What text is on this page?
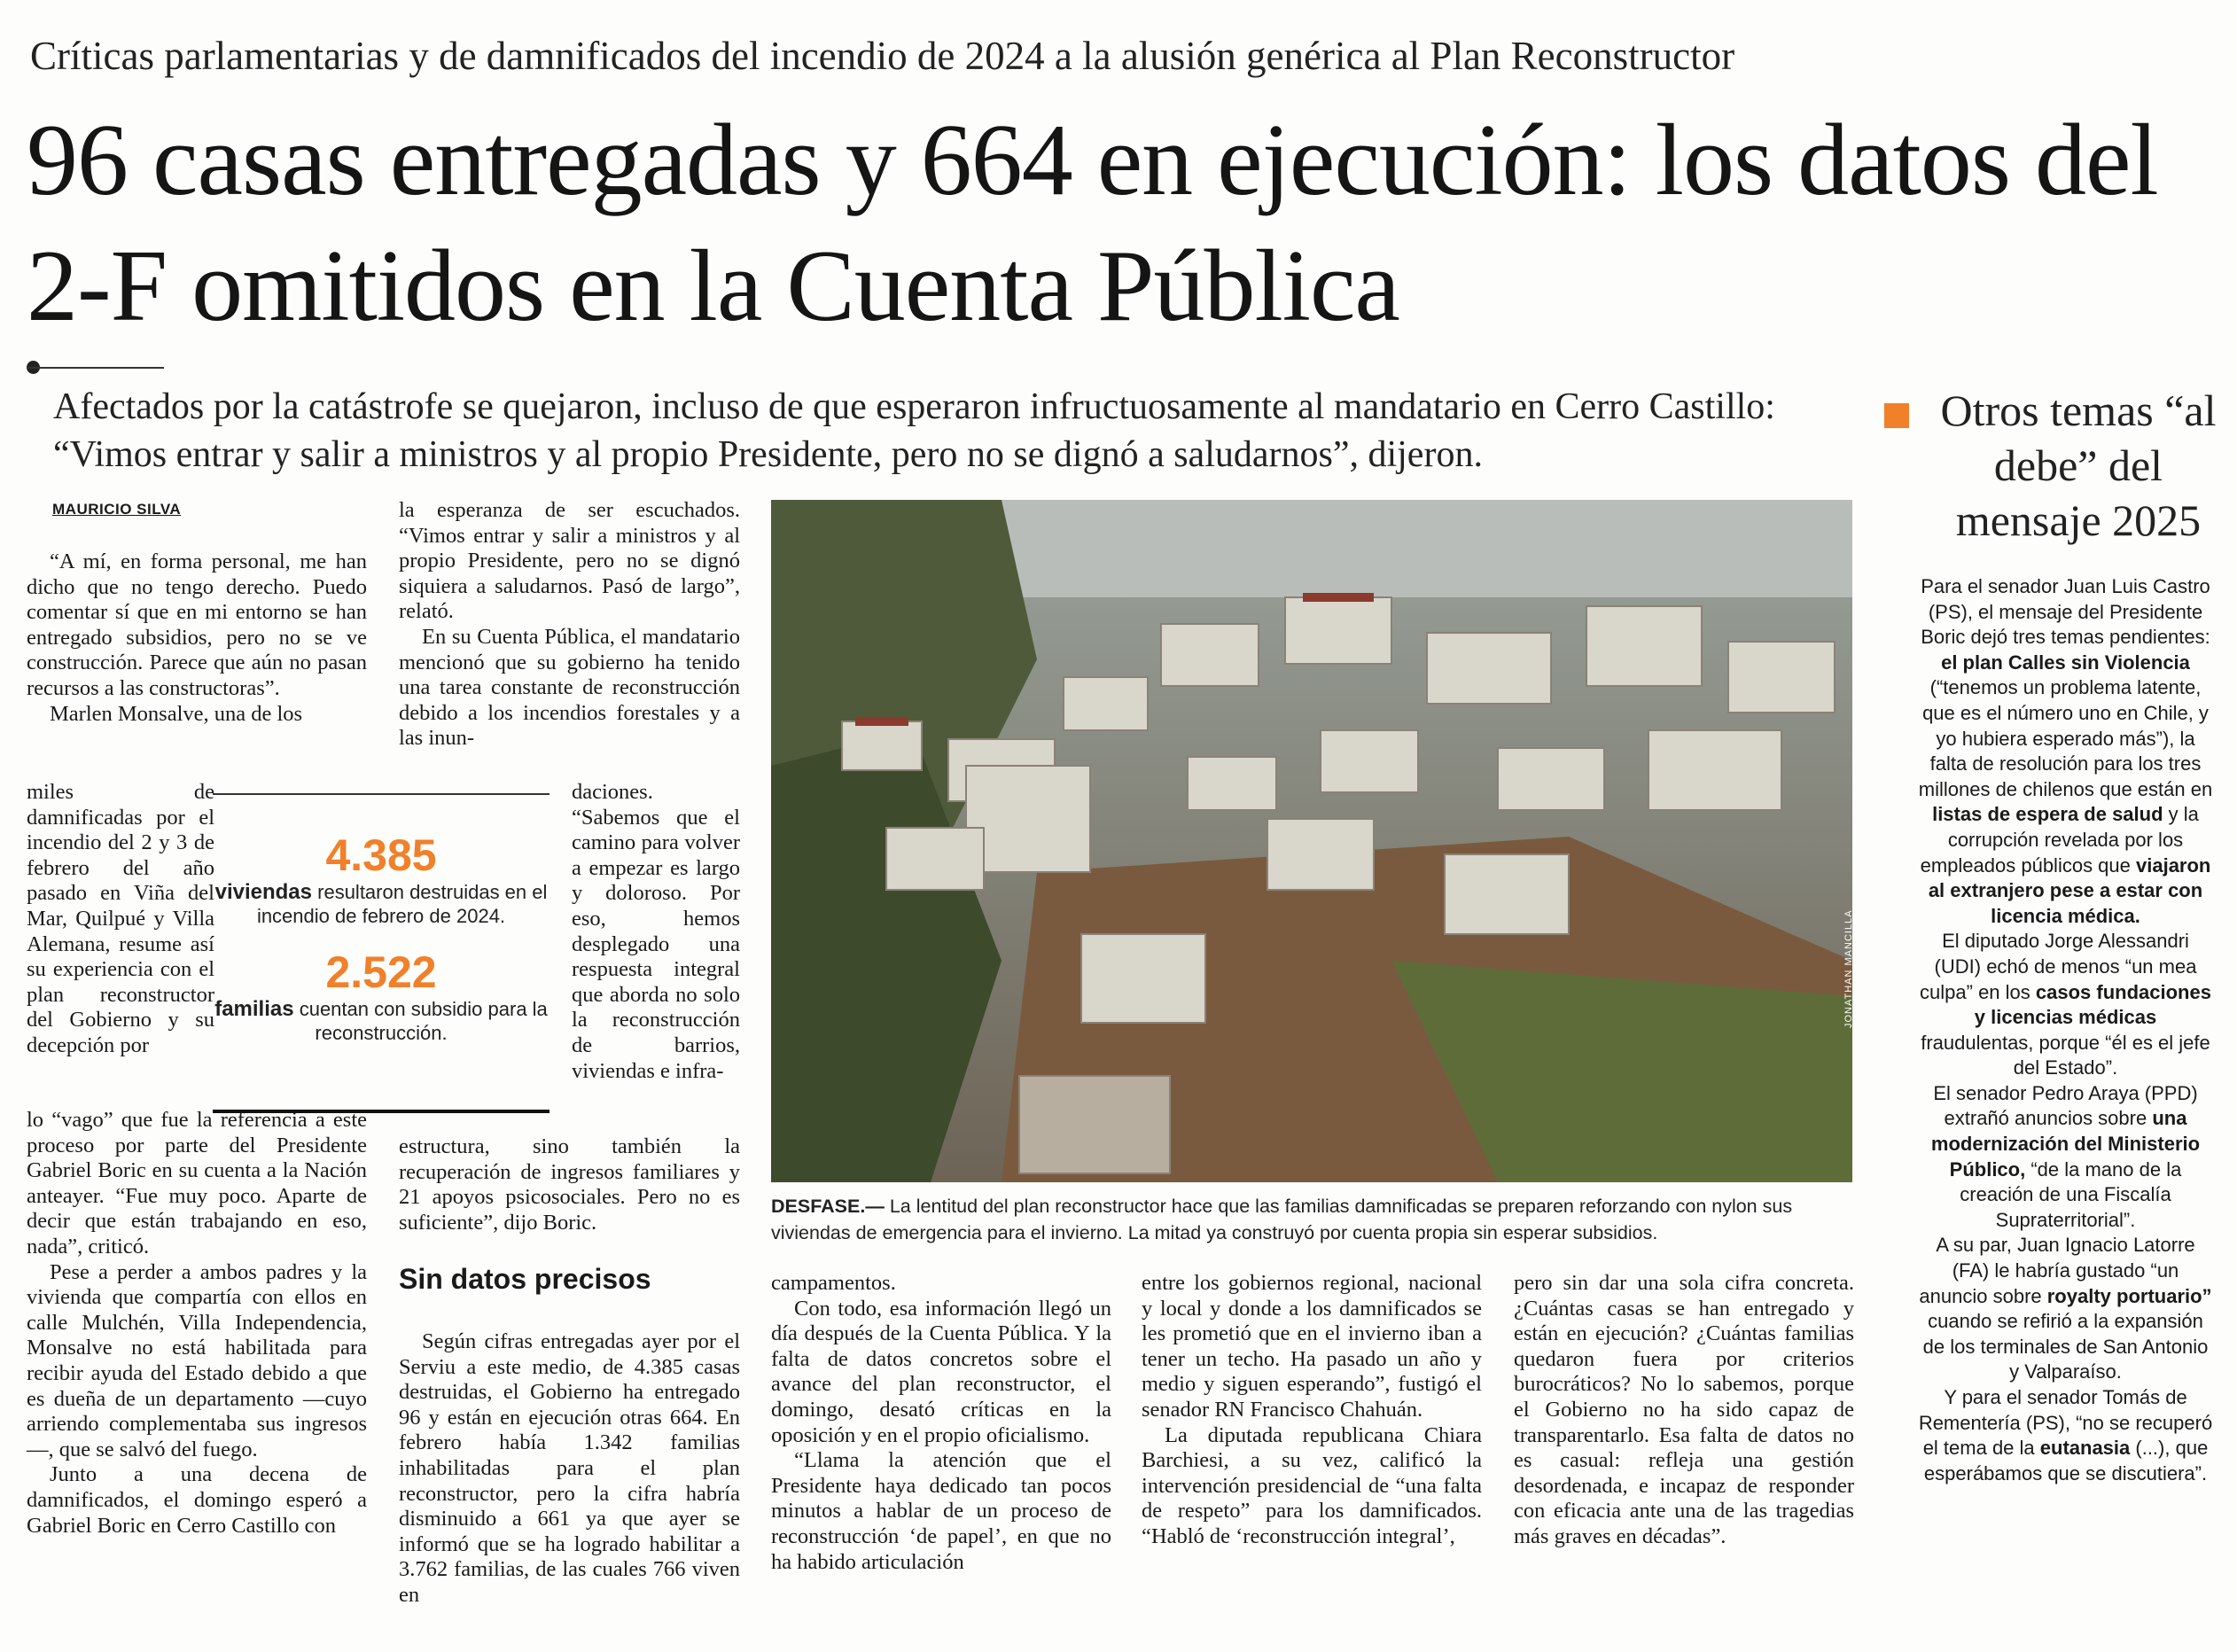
Críticas parlamentarias y de damnificados del incendio de 2024 a la alusión genérica al Plan Reconstructor
96 casas entregadas y 664 en ejecución: los datos del 2-F omitidos en la Cuenta Pública
Afectados por la catástrofe se quejaron, incluso de que esperaron infructuosamente al mandatario en Cerro Castillo: “Vimos entrar y salir a ministros y al propio Presidente, pero no se dignó a saludarnos”, dijeron.
MAURICIO SILVA

“A mí, en forma personal, me han dicho que no tengo derecho. Puedo comentar sí que en mi entorno se han entregado subsidios, pero no se ve construcción. Parece que aún no pasan recursos a las constructoras”.

Marlen Monsalve, una de los

miles de damnificadas por el incendio del 2 y 3 de febrero del año pasado en Viña del Mar, Quilpué y Villa Alemana, resume así su experiencia con el plan reconstructor del Gobierno y su decepción por

lo “vago” que fue la referencia a este proceso por parte del Presidente Gabriel Boric en su cuenta a la Nación anteayer. “Fue muy poco. Aparte de decir que están trabajando en eso, nada”, criticó.

Pese a perder a ambos padres y la vivienda que compartía con ellos en calle Mulchén, Villa Independencia, Monsalve no está habilitada para recibir ayuda del Estado debido a que es dueña de un departamento —cuyo arriendo complementaba sus ingresos—, que se salvó del fuego.

Junto a una decena de damnificados, el domingo esperó a Gabriel Boric en Cerro Castillo con

4.385
viviendas resultaron destruidas en el incendio de febrero de 2024.
2.522
familias cuentan con subsidio para la reconstrucción.

la esperanza de ser escuchados. “Vimos entrar y salir a ministros y al propio Presidente, pero no se dignó siquiera a saludarnos. Pasó de largo”, relató.

En su Cuenta Pública, el mandatario mencionó que su gobierno ha tenido una tarea constante de reconstrucción debido a los incendios forestales y a las inun-

daciones. “Sabemos que el camino para volver a empezar es largo y doloroso. Por eso, hemos desplegado una respuesta integral que aborda no solo la reconstrucción de barrios, viviendas e infra-

estructura, sino también la recuperación de ingresos familiares y 21 apoyos psicosociales. Pero no es suficiente”, dijo Boric.

Sin datos precisos

Según cifras entregadas ayer por el Serviu a este medio, de 4.385 casas destruidas, el Gobierno ha entregado 96 y están en ejecución otras 664. En febrero había 1.342 familias inhabilitadas para el plan reconstructor, pero la cifra habría disminuido a 661 ya que ayer se informó que se ha logrado habilitar a 3.762 familias, de las cuales 766 viven en

JONATHAN MANCILLA
DESFASE.— La lentitud del plan reconstructor hace que las familias damnificadas se preparen reforzando con nylon sus viviendas de emergencia para el invierno. La mitad ya construyó por cuenta propia sin esperar subsidios.

campamentos.

Con todo, esa información llegó un día después de la Cuenta Pública. Y la falta de datos concretos sobre el avance del plan reconstructor, el domingo, desató críticas en la oposición y en el propio oficialismo.

“Llama la atención que el Presidente haya dedicado tan pocos minutos a hablar de un proceso de reconstrucción ‘de papel’, en que no ha habido articulación

entre los gobiernos regional, nacional y local y donde a los damnificados se les prometió que en el invierno iban a tener un techo. Ha pasado un año y medio y siguen esperando”, fustigó el senador RN Francisco Chahuán.

La diputada republicana Chiara Barchiesi, a su vez, calificó la intervención presidencial de “una falta de respeto” para los damnificados. “Habló de ‘reconstrucción integral’,

pero sin dar una sola cifra concreta. ¿Cuántas casas se han entregado y están en ejecución? ¿Cuántas familias quedaron fuera por criterios burocráticos? No lo sabemos, porque el Gobierno no ha sido capaz de transparentarlo. Esa falta de datos no es casual: refleja una gestión desordenada, e incapaz de responder con eficacia ante una de las tragedias más graves en décadas”.

Otros temas “al debe” del mensaje 2025

Para el senador Juan Luis Castro (PS), el mensaje del Presidente Boric dejó tres temas pendientes: el plan Calles sin Violencia (“tenemos un problema latente, que es el número uno en Chile, y yo hubiera esperado más”), la falta de resolución para los tres millones de chilenos que están en listas de espera de salud y la corrupción revelada por los empleados públicos que viajaron al extranjero pese a estar con licencia médica.

El diputado Jorge Alessandri (UDI) echó de menos “un mea culpa” en los casos fundaciones y licencias médicas fraudulentas, porque “él es el jefe del Estado”.

El senador Pedro Araya (PPD) extrañó anuncios sobre una modernización del Ministerio Público, “de la mano de la creación de una Fiscalía Supraterritorial”.

A su par, Juan Ignacio Latorre (FA) le habría gustado “un anuncio sobre royalty portuario” cuando se refirió a la expansión de los terminales de San Antonio y Valparaíso.

Y para el senador Tomás de Rementería (PS), “no se recuperó el tema de la eutanasia (...), que esperábamos que se discutiera”.
